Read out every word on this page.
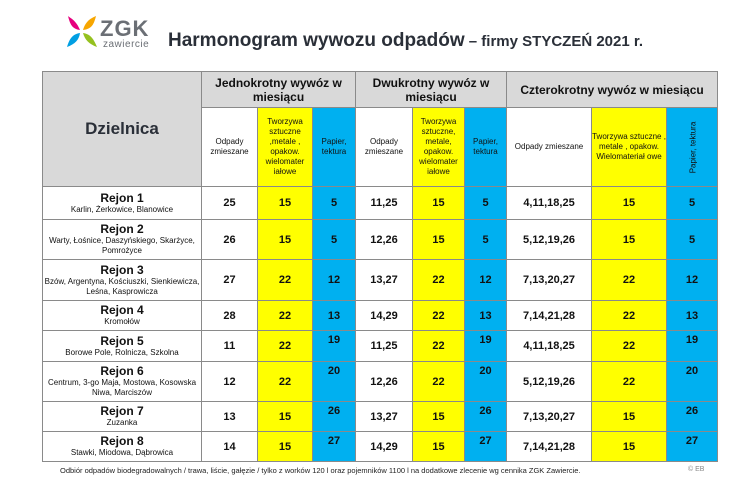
ZGK
zawiercie Harmonogram wywozu odpadów – firmy STYCZEŃ 2021 r.
Dzielnica	Jednokrotny wywóz w miesiącu			Dwukrotny wywóz w miesiącu			Czterokrotny wywóz w miesiącu		
	Odpady zmieszane	Tworzywa sztuczne ,metale , opakow. wielomater iałowe	Papier, tektura	Odpady zmieszane	Tworzywa sztuczne, metale, opakow. wielomater iałowe	Papier, tektura	Odpady zmieszane	Tworzywa sztuczne , metale , opakow. Wielomateriał owe	Papier, tektura

Rejon 1
Karlin, Żerkowice, Blanowice	25	15	5	11,25	15	5	4,11,18,25	15	5

Rejon 2
Warty, Łośnice, Daszyńskiego, Skarżyce, Pomrożyce	26	15	5	12,26	15	5	5,12,19,26	15	5

Rejon 3
Bzów, Argentyna, Kościuszki, Sienkiewicza, Leśna, Kasprowicza	27	22	12	13,27	22	12	7,13,20,27	22	12

Rejon 4
Kromołów	28	22	13	14,29	22	13	7,14,21,28	22	13

Rejon 5
Borowe Pole, Rolnicza, Szkolna	11	22	19	11,25	22	19	4,11,18,25	22	19

Rejon 6
Centrum, 3-go Maja, Mostowa, Kosowska Niwa, Marciszów	12	22	20	12,26	22	20	5,12,19,26	22	20

Rejon 7
Zuzanka	13	15	26	13,27	15	26	7,13,20,27	15	26

Rejon 8
Stawki, Miodowa, Dąbrowica	14	15	27	14,29	15	27	7,14,21,28	15	27
Odbiór odpadów biodegradowalnych / trawa, liście, gałęzie / tylko z worków 120 l oraz pojemników 1100 l na dodatkowe zlecenie wg cennika ZGK Zawiercie.	© EB
